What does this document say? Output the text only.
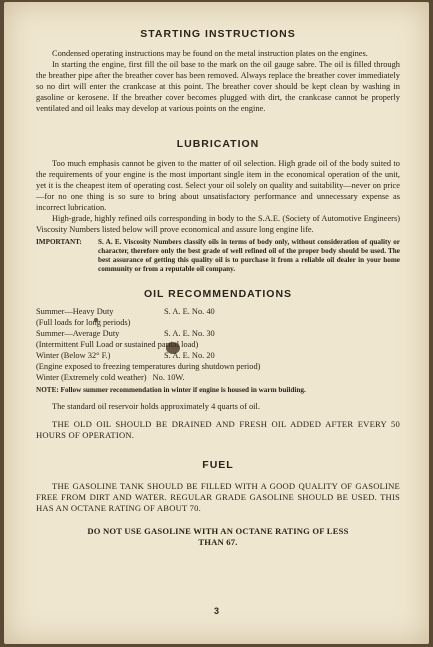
STARTING INSTRUCTIONS

Condensed operating instructions may be found on the metal instruction plates on the engines.

In starting the engine, first fill the oil base to the mark on the oil gauge sabre. The oil is filled through the breather pipe after the breather cover has been removed. Always replace the breather cover immediately so no dirt will enter the crankcase at this point. The breather cover should be kept clean by washing in gasoline or kerosene. If the breather cover becomes plugged with dirt, the crankcase cannot be properly ventilated and oil leaks may develop at various points on the engine.

LUBRICATION

Too much emphasis cannot be given to the matter of oil selection. High grade oil of the body suited to the requirements of your engine is the most important single item in the economical operation of the unit, yet it is the cheapest item of operating cost. Select your oil solely on quality and suitability—never on price—for no one thing is so sure to bring about unsatisfactory performance and unnecessary expense as incorrect lubrication.

High-grade, highly refined oils corresponding in body to the S.A.E. (Society of Automotive Engineers) Viscosity Numbers listed below will prove economical and assure long engine life.

IMPORTANT:	S. A. E. Viscosity Numbers classify oils in terms of body only, without consideration of quality or character, therefore only the best grade of well refined oil of the proper body should be used. The best assurance of getting this quality oil is to purchase it from a reliable oil dealer in your home community or from a reputable oil company.
OIL RECOMMENDATIONS
Summer—Heavy Duty	S. A. E. No. 40
(Full loads for long periods)
Summer—Average Duty	S. A. E. No. 30
(Intermittent Full Load or sustained partial load)
Winter (Below 32° F.)	S. A. E. No. 20
(Engine exposed to freezing temperatures during shutdown period)
Winter (Extremely cold weather) No. 10W.
NOTE: Follow summer recommendation in winter if engine is housed in warm building.

The standard oil reservoir holds approximately 4 quarts of oil.

THE OLD OIL SHOULD BE DRAINED AND FRESH OIL ADDED AFTER EVERY 50 HOURS OF OPERATION.

FUEL

THE GASOLINE TANK SHOULD BE FILLED WITH A GOOD QUALITY OF GASOLINE FREE FROM DIRT AND WATER. REGULAR GRADE GASOLINE SHOULD BE USED. THIS HAS AN OCTANE RATING OF ABOUT 70.

DO NOT USE GASOLINE WITH AN OCTANE RATING OF LESS THAN 67.

3
